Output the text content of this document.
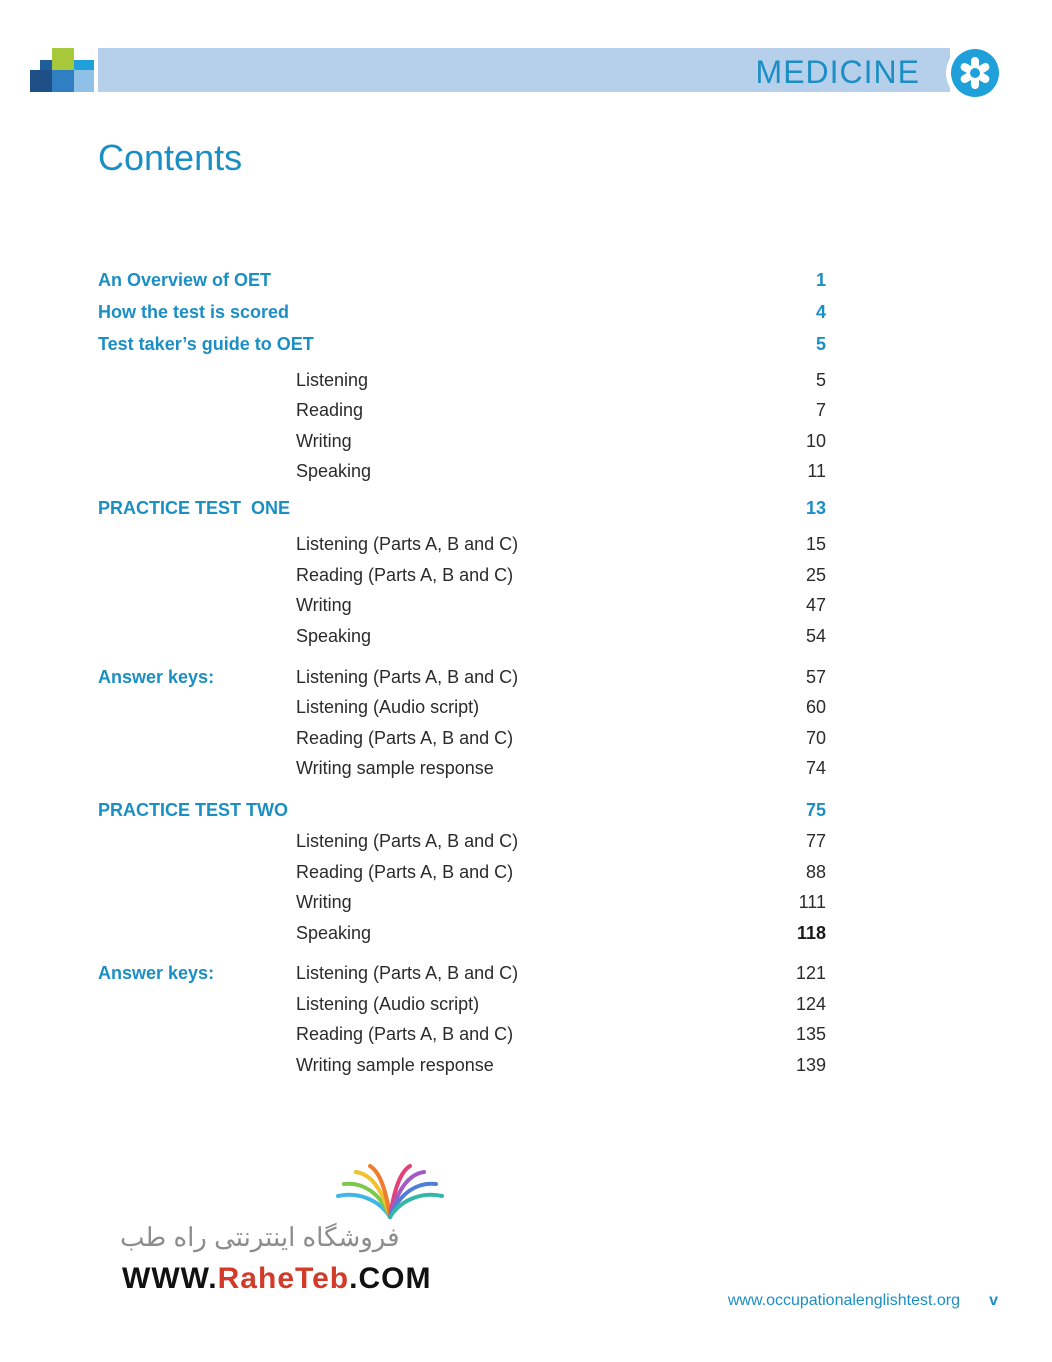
MEDICINE
Contents
An Overview of OET	1
How the test is scored	4
Test taker’s guide to OET	5
Listening	5
Reading	7
Writing	10
Speaking	11
PRACTICE TEST  ONE	13
Listening (Parts A, B and C)	15
Reading (Parts A, B and C)	25
Writing	47
Speaking	54
Answer keys:	Listening (Parts A, B and C)	57
Listening (Audio script)	60
Reading (Parts A, B and C)	70
Writing sample response	74
PRACTICE TEST TWO	75
Listening (Parts A, B and C)	77
Reading (Parts A, B and C)	88
Writing	111
Speaking	118
Answer keys:	Listening (Parts A, B and C)	121
Listening (Audio script)	124
Reading (Parts A, B and C)	135
Writing sample response	139
فروشگاه اینترنتی راه طب
WWW.RaheTeb.COM
www.occupationalenglishtest.org v
